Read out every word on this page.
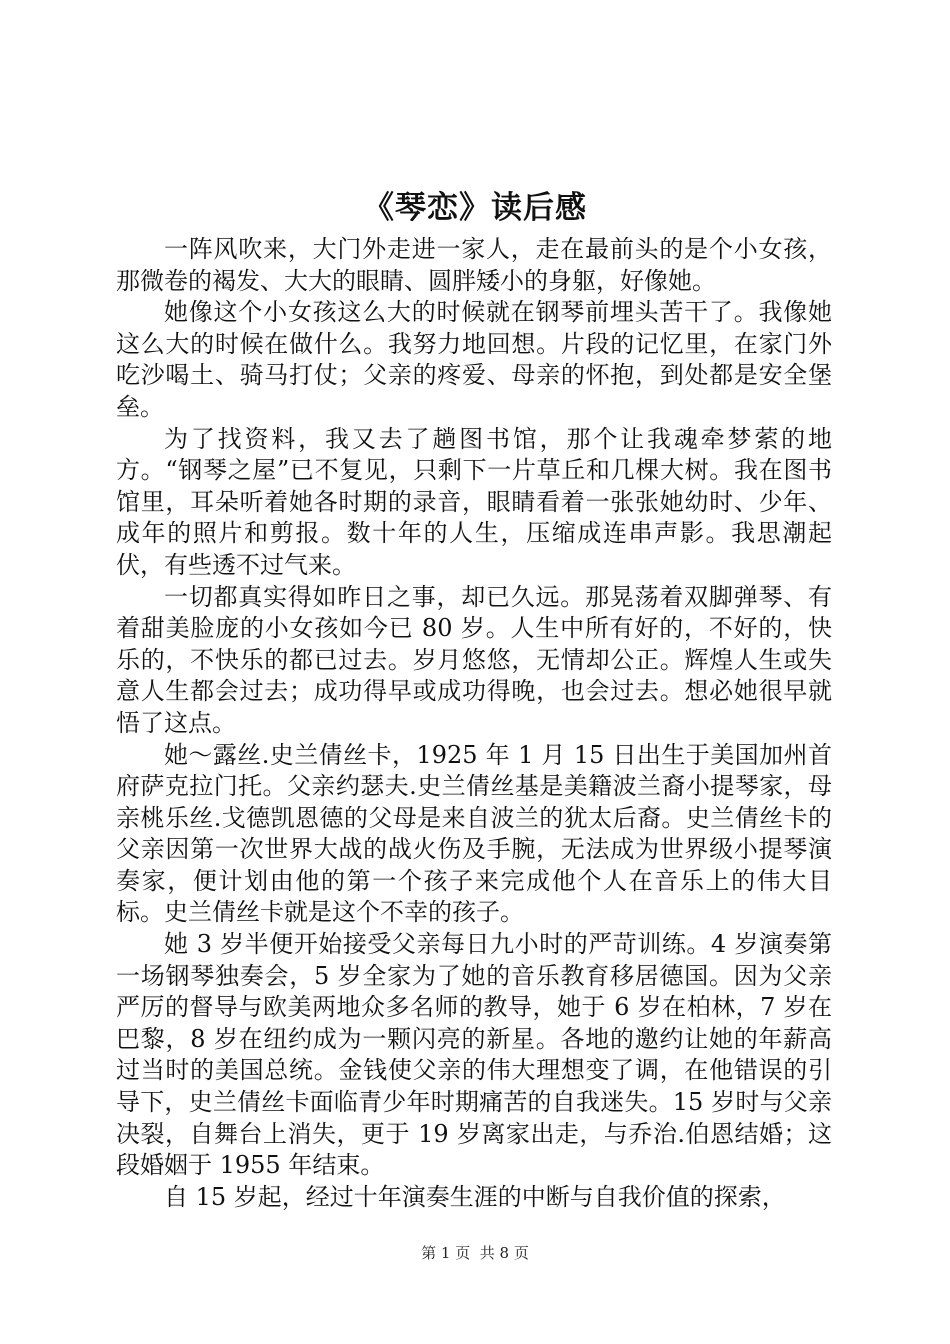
《琴恋》读后感

一阵风吹来，大门外走进一家人，走在最前头的是个小女孩，那微卷的褐发、大大的眼睛、圆胖矮小的身躯，好像她。

她像这个小女孩这么大的时候就在钢琴前埋头苦干了。我像她这么大的时候在做什么。我努力地回想。片段的记忆里，在家门外吃沙喝土、骑马打仗；父亲的疼爱、母亲的怀抱，到处都是安全堡垒。

为了找资料，我又去了趟图书馆，那个让我魂牵梦萦的地方。“钢琴之屋”已不复见，只剩下一片草丘和几棵大树。我在图书馆里，耳朵听着她各时期的录音，眼睛看着一张张她幼时、少年、成年的照片和剪报。数十年的人生，压缩成连串声影。我思潮起伏，有些透不过气来。

一切都真实得如昨日之事，却已久远。那晃荡着双脚弹琴、有着甜美脸庞的小女孩如今已 80 岁。人生中所有好的，不好的，快乐的，不快乐的都已过去。岁月悠悠，无情却公正。辉煌人生或失意人生都会过去；成功得早或成功得晚，也会过去。想必她很早就悟了这点。

她～露丝.史兰倩丝卡，1925 年 1 月 15 日出生于美国加州首府萨克拉门托。父亲约瑟夫.史兰倩丝基是美籍波兰裔小提琴家，母亲桃乐丝.戈德凯恩德的父母是来自波兰的犹太后裔。史兰倩丝卡的父亲因第一次世界大战的战火伤及手腕，无法成为世界级小提琴演奏家，便计划由他的第一个孩子来完成他个人在音乐上的伟大目标。史兰倩丝卡就是这个不幸的孩子。

她 3 岁半便开始接受父亲每日九小时的严苛训练。4 岁演奏第一场钢琴独奏会，5 岁全家为了她的音乐教育移居德国。因为父亲严厉的督导与欧美两地众多名师的教导，她于 6 岁在柏林，7 岁在巴黎，8 岁在纽约成为一颗闪亮的新星。各地的邀约让她的年薪高过当时的美国总统。金钱使父亲的伟大理想变了调，在他错误的引导下，史兰倩丝卡面临青少年时期痛苦的自我迷失。15 岁时与父亲决裂，自舞台上消失，更于 19 岁离家出走，与乔治.伯恩结婚；这段婚姻于 1955 年结束。

自 15 岁起，经过十年演奏生涯的中断与自我价值的探索，

第 1 页  共 8 页
